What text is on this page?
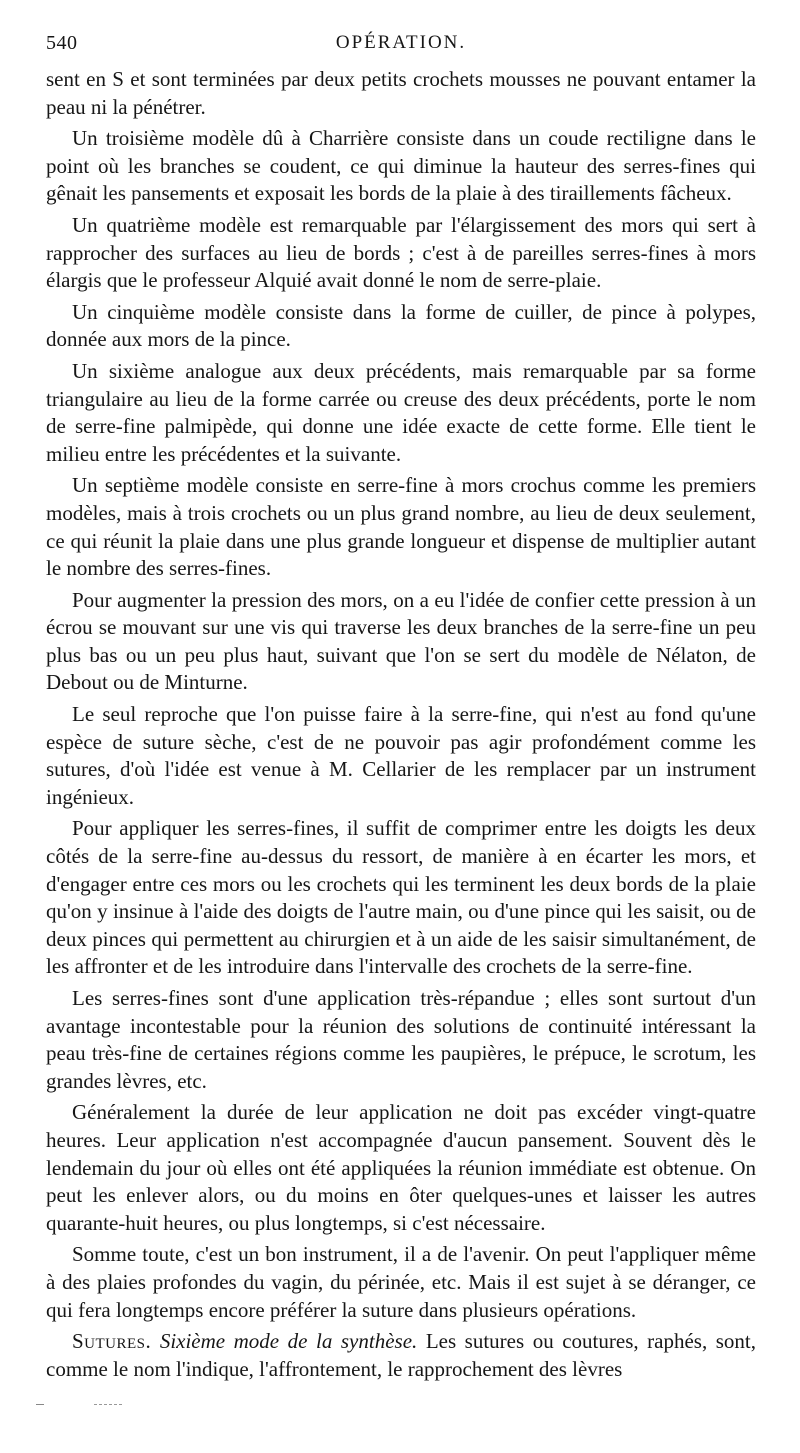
540	OPÉRATION.

sent en S et sont terminées par deux petits crochets mousses ne pouvant entamer la peau ni la pénétrer.

Un troisième modèle dû à Charrière consiste dans un coude rectiligne dans le point où les branches se coudent, ce qui diminue la hauteur des serres-fines qui gênait les pansements et exposait les bords de la plaie à des tiraillements fâcheux.

Un quatrième modèle est remarquable par l'élargissement des mors qui sert à rapprocher des surfaces au lieu de bords ; c'est à de pareilles serres-fines à mors élargis que le professeur Alquié avait donné le nom de serre-plaie.

Un cinquième modèle consiste dans la forme de cuiller, de pince à polypes, donnée aux mors de la pince.

Un sixième analogue aux deux précédents, mais remarquable par sa forme triangulaire au lieu de la forme carrée ou creuse des deux précédents, porte le nom de serre-fine palmipède, qui donne une idée exacte de cette forme. Elle tient le milieu entre les précédentes et la suivante.

Un septième modèle consiste en serre-fine à mors crochus comme les premiers modèles, mais à trois crochets ou un plus grand nombre, au lieu de deux seulement, ce qui réunit la plaie dans une plus grande longueur et dispense de multiplier autant le nombre des serres-fines.

Pour augmenter la pression des mors, on a eu l'idée de confier cette pression à un écrou se mouvant sur une vis qui traverse les deux branches de la serre-fine un peu plus bas ou un peu plus haut, suivant que l'on se sert du modèle de Nélaton, de Debout ou de Minturne.

Le seul reproche que l'on puisse faire à la serre-fine, qui n'est au fond qu'une espèce de suture sèche, c'est de ne pouvoir pas agir profondément comme les sutures, d'où l'idée est venue à M. Cellarier de les remplacer par un instrument ingénieux.

Pour appliquer les serres-fines, il suffit de comprimer entre les doigts les deux côtés de la serre-fine au-dessus du ressort, de manière à en écarter les mors, et d'engager entre ces mors ou les crochets qui les terminent les deux bords de la plaie qu'on y insinue à l'aide des doigts de l'autre main, ou d'une pince qui les saisit, ou de deux pinces qui permettent au chirurgien et à un aide de les saisir simultanément, de les affronter et de les introduire dans l'intervalle des crochets de la serre-fine.

Les serres-fines sont d'une application très-répandue ; elles sont surtout d'un avantage incontestable pour la réunion des solutions de continuité intéressant la peau très-fine de certaines régions comme les paupières, le prépuce, le scrotum, les grandes lèvres, etc.

Généralement la durée de leur application ne doit pas excéder vingt-quatre heures. Leur application n'est accompagnée d'aucun pansement. Souvent dès le lendemain du jour où elles ont été appliquées la réunion immédiate est obtenue. On peut les enlever alors, ou du moins en ôter quelques-unes et laisser les autres quarante-huit heures, ou plus longtemps, si c'est nécessaire.

Somme toute, c'est un bon instrument, il a de l'avenir. On peut l'appliquer même à des plaies profondes du vagin, du périnée, etc. Mais il est sujet à se déranger, ce qui fera longtemps encore préférer la suture dans plusieurs opérations.

Sutures. Sixième mode de la synthèse. Les sutures ou coutures, raphés, sont, comme le nom l'indique, l'affrontement, le rapprochement des lèvres
